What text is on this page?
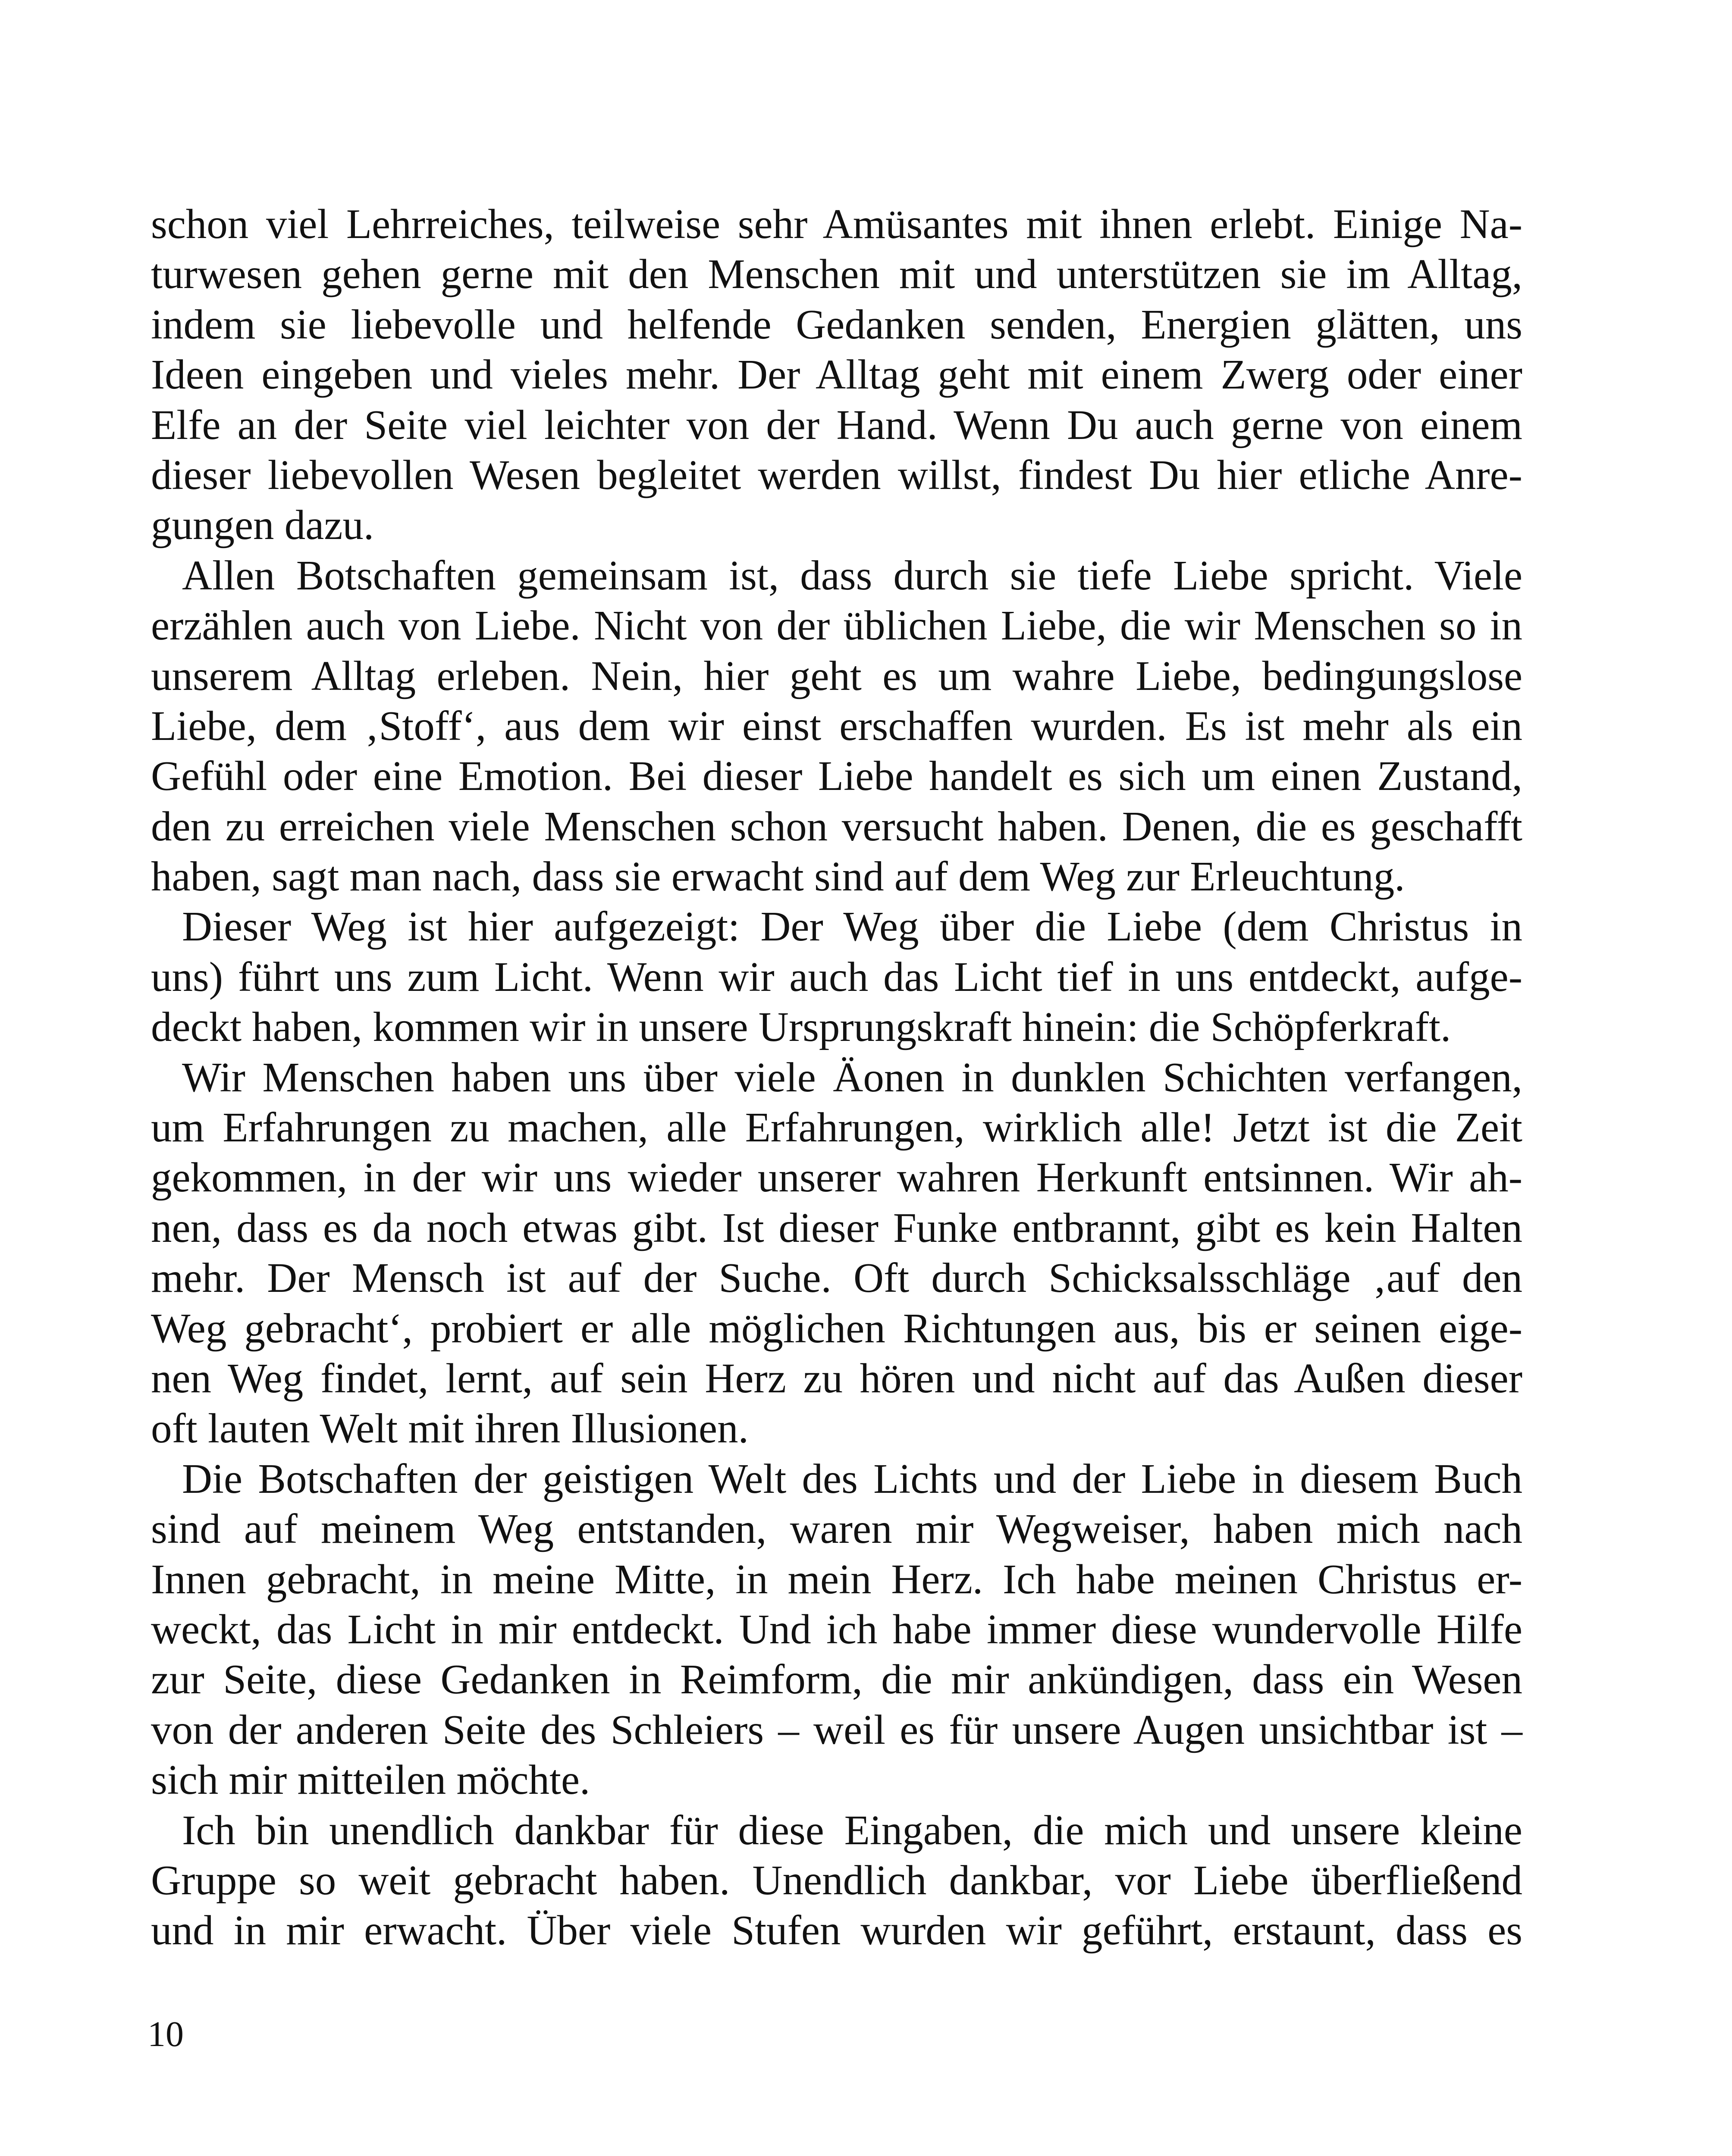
schon viel Lehrreiches, teilweise sehr Amüsantes mit ihnen erlebt. Einige Na-
turwesen gehen gerne mit den Menschen mit und unterstützen sie im Alltag,
indem sie liebevolle und helfende Gedanken senden, Energien glätten, uns
Ideen eingeben und vieles mehr. Der Alltag geht mit einem Zwerg oder einer
Elfe an der Seite viel leichter von der Hand. Wenn Du auch gerne von einem
dieser liebevollen Wesen begleitet werden willst, findest Du hier etliche Anre-
gungen dazu.
Allen Botschaften gemeinsam ist, dass durch sie tiefe Liebe spricht. Viele
erzählen auch von Liebe. Nicht von der üblichen Liebe, die wir Menschen so in
unserem Alltag erleben. Nein, hier geht es um wahre Liebe, bedingungslose
Liebe, dem ‚Stoff‘, aus dem wir einst erschaffen wurden. Es ist mehr als ein
Gefühl oder eine Emotion. Bei dieser Liebe handelt es sich um einen Zustand,
den zu erreichen viele Menschen schon versucht haben. Denen, die es geschafft
haben, sagt man nach, dass sie erwacht sind auf dem Weg zur Erleuchtung.
Dieser Weg ist hier aufgezeigt: Der Weg über die Liebe (dem Christus in
uns) führt uns zum Licht. Wenn wir auch das Licht tief in uns entdeckt, aufge-
deckt haben, kommen wir in unsere Ursprungskraft hinein: die Schöpferkraft.
Wir Menschen haben uns über viele Äonen in dunklen Schichten verfangen,
um Erfahrungen zu machen, alle Erfahrungen, wirklich alle! Jetzt ist die Zeit
gekommen, in der wir uns wieder unserer wahren Herkunft entsinnen. Wir ah-
nen, dass es da noch etwas gibt. Ist dieser Funke entbrannt, gibt es kein Halten
mehr. Der Mensch ist auf der Suche. Oft durch Schicksalsschläge ‚auf den
Weg gebracht‘, probiert er alle möglichen Richtungen aus, bis er seinen eige-
nen Weg findet, lernt, auf sein Herz zu hören und nicht auf das Außen dieser
oft lauten Welt mit ihren Illusionen.
Die Botschaften der geistigen Welt des Lichts und der Liebe in diesem Buch
sind auf meinem Weg entstanden, waren mir Wegweiser, haben mich nach
Innen gebracht, in meine Mitte, in mein Herz. Ich habe meinen Christus er-
weckt, das Licht in mir entdeckt. Und ich habe immer diese wundervolle Hilfe
zur Seite, diese Gedanken in Reimform, die mir ankündigen, dass ein Wesen
von der anderen Seite des Schleiers – weil es für unsere Augen unsichtbar ist –
sich mir mitteilen möchte.
Ich bin unendlich dankbar für diese Eingaben, die mich und unsere kleine
Gruppe so weit gebracht haben. Unendlich dankbar, vor Liebe überfließend
und in mir erwacht. Über viele Stufen wurden wir geführt, erstaunt, dass es
10
